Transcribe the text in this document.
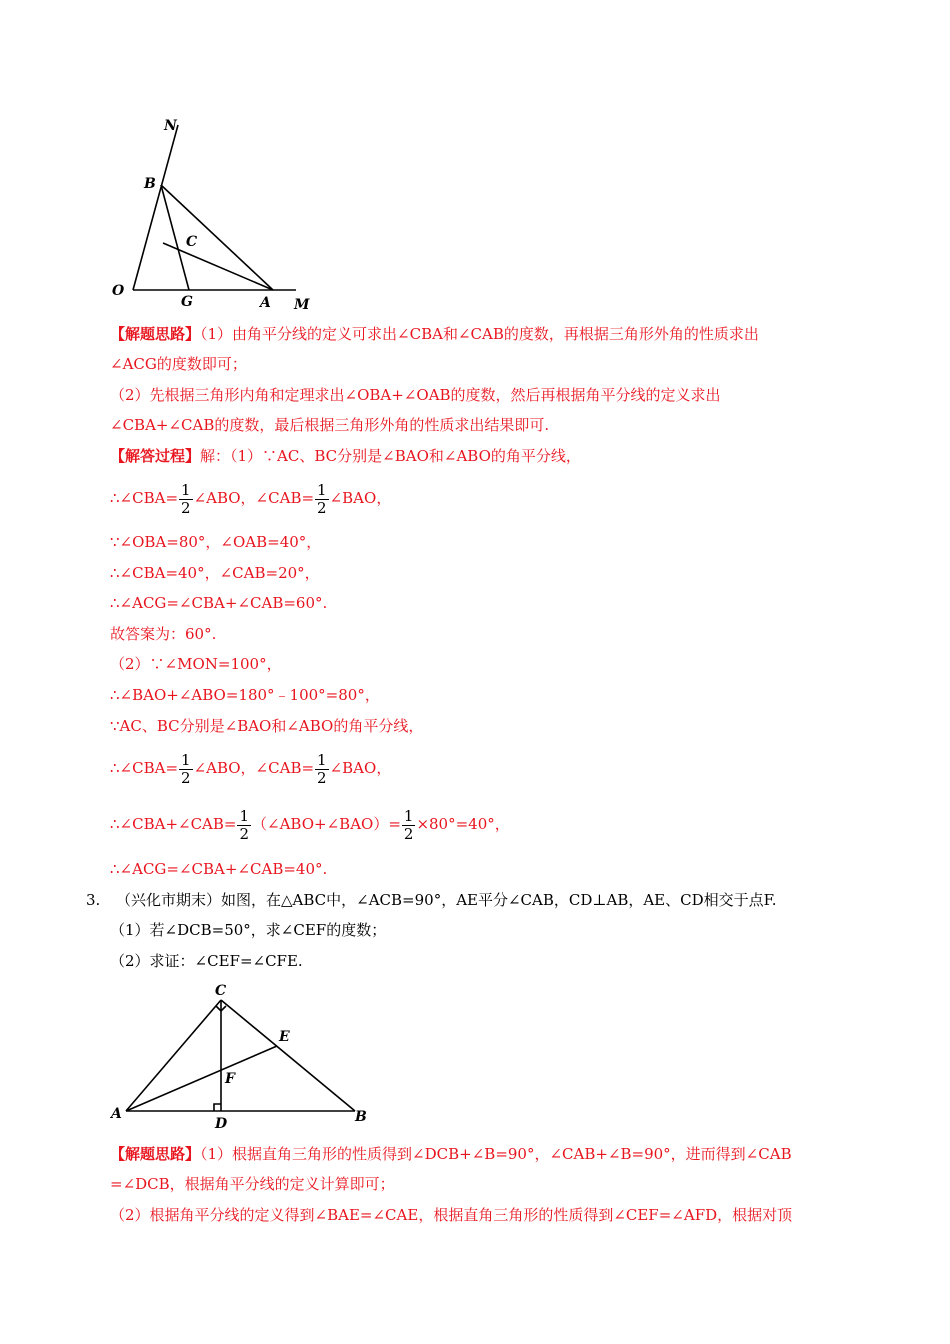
N
B
C
O
G	A M
【解题思路】（1）由角平分线的定义可求出∠CBA和∠CAB的度数，再根据三角形外角的性质求出
∠ACG的度数即可；
（2）先根据三角形内角和定理求出∠OBA+∠OAB的度数，然后再根据角平分线的定义求出
∠CBA+∠CAB的度数，最后根据三角形外角的性质求出结果即可.
【解答过程】解：（1）∵AC、BC分别是∠BAO和∠ABO的角平分线，
∴∠CBA= $\frac{1}{2}$ ∠ABO，∠CAB= $\frac{1}{2}$ ∠BAO，
∵∠OBA=80°，∠OAB=40°，
∴∠CBA=40°，∠CAB=20°，
∴∠ACG=∠CBA+∠CAB=60°.
故答案为：60°.
（2）∵∠MON=100°，
∴∠BAO+∠ABO=180°﹣100°=80°，
∵AC、BC分别是∠BAO和∠ABO的角平分线，
∴∠CBA= $\frac{1}{2}$ ∠ABO，∠CAB= $\frac{1}{2}$ ∠BAO，
∴∠CBA+∠CAB= $\frac{1}{2}$ （∠ABO+∠BAO）= $\frac{1}{2} \times 80^\circ=40^\circ$，
∴∠ACG=∠CBA+∠CAB=40°.
3. （兴化市期末）如图，在△ABC中，∠ACB=90°，AE平分∠CAB，CD⊥AB，AE、CD相交于点F.
（1）若∠DCB=50°，求∠CEF的度数；
（2）求证：∠CEF=∠CFE.
C
E
F
A
D	B
【解题思路】（1）根据直角三角形的性质得到∠DCB+∠B=90°，∠CAB+∠B=90°，进而得到∠CAB
=∠DCB，根据角平分线的定义计算即可；
（2）根据角平分线的定义得到∠BAE=∠CAE，根据直角三角形的性质得到∠CEF=∠AFD，根据对顶
